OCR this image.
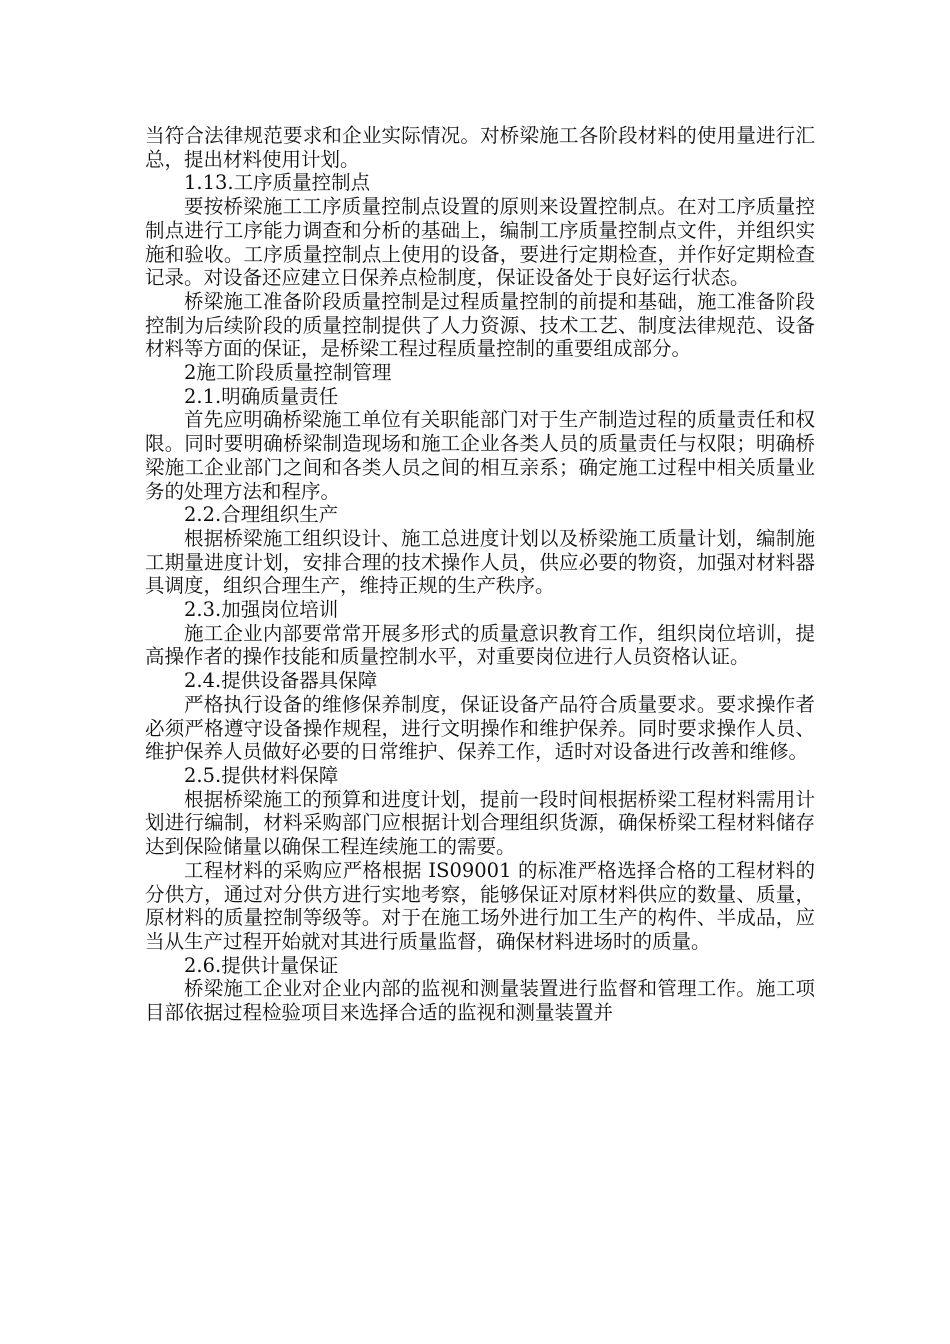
当符合法律规范要求和企业实际情况。对桥梁施工各阶段材料的使用量进行汇总，提出材料使用计划。

1.13.工序质量控制点

要按桥梁施工工序质量控制点设置的原则来设置控制点。在对工序质量控制点进行工序能力调查和分析的基础上，编制工序质量控制点文件，并组织实施和验收。工序质量控制点上使用的设备，要进行定期检查，并作好定期检查记录。对设备还应建立日保养点检制度，保证设备处于良好运行状态。

桥梁施工准备阶段质量控制是过程质量控制的前提和基础，施工准备阶段控制为后续阶段的质量控制提供了人力资源、技术工艺、制度法律规范、设备材料等方面的保证，是桥梁工程过程质量控制的重要组成部分。

2施工阶段质量控制管理

2.1.明确质量责任

首先应明确桥梁施工单位有关职能部门对于生产制造过程的质量责任和权限。同时要明确桥梁制造现场和施工企业各类人员的质量责任与权限；明确桥梁施工企业部门之间和各类人员之间的相互亲系；确定施工过程中相关质量业务的处理方法和程序。

2.2.合理组织生产

根据桥梁施工组织设计、施工总进度计划以及桥梁施工质量计划，编制施工期量进度计划，安排合理的技术操作人员，供应必要的物资，加强对材料器具调度，组织合理生产，维持正规的生产秩序。

2.3.加强岗位培训

施工企业内部要常常开展多形式的质量意识教育工作，组织岗位培训，提高操作者的操作技能和质量控制水平，对重要岗位进行人员资格认证。

2.4.提供设备器具保障

严格执行设备的维修保养制度，保证设备产品符合质量要求。要求操作者必须严格遵守设备操作规程，进行文明操作和维护保养。同时要求操作人员、维护保养人员做好必要的日常维护、保养工作，适时对设备进行改善和维修。

2.5.提供材料保障

根据桥梁施工的预算和进度计划，提前一段时间根据桥梁工程材料需用计划进行编制，材料采购部门应根据计划合理组织货源，确保桥梁工程材料储存达到保险储量以确保工程连续施工的需要。

工程材料的采购应严格根据 IS09001 的标准严格选择合格的工程材料的分供方，通过对分供方进行实地考察，能够保证对原材料供应的数量、质量，原材料的质量控制等级等。对于在施工场外进行加工生产的构件、半成品，应当从生产过程开始就对其进行质量监督，确保材料进场时的质量。

2.6.提供计量保证

桥梁施工企业对企业内部的监视和测量装置进行监督和管理工作。施工项目部依据过程检验项目来选择合适的监视和测量装置并
